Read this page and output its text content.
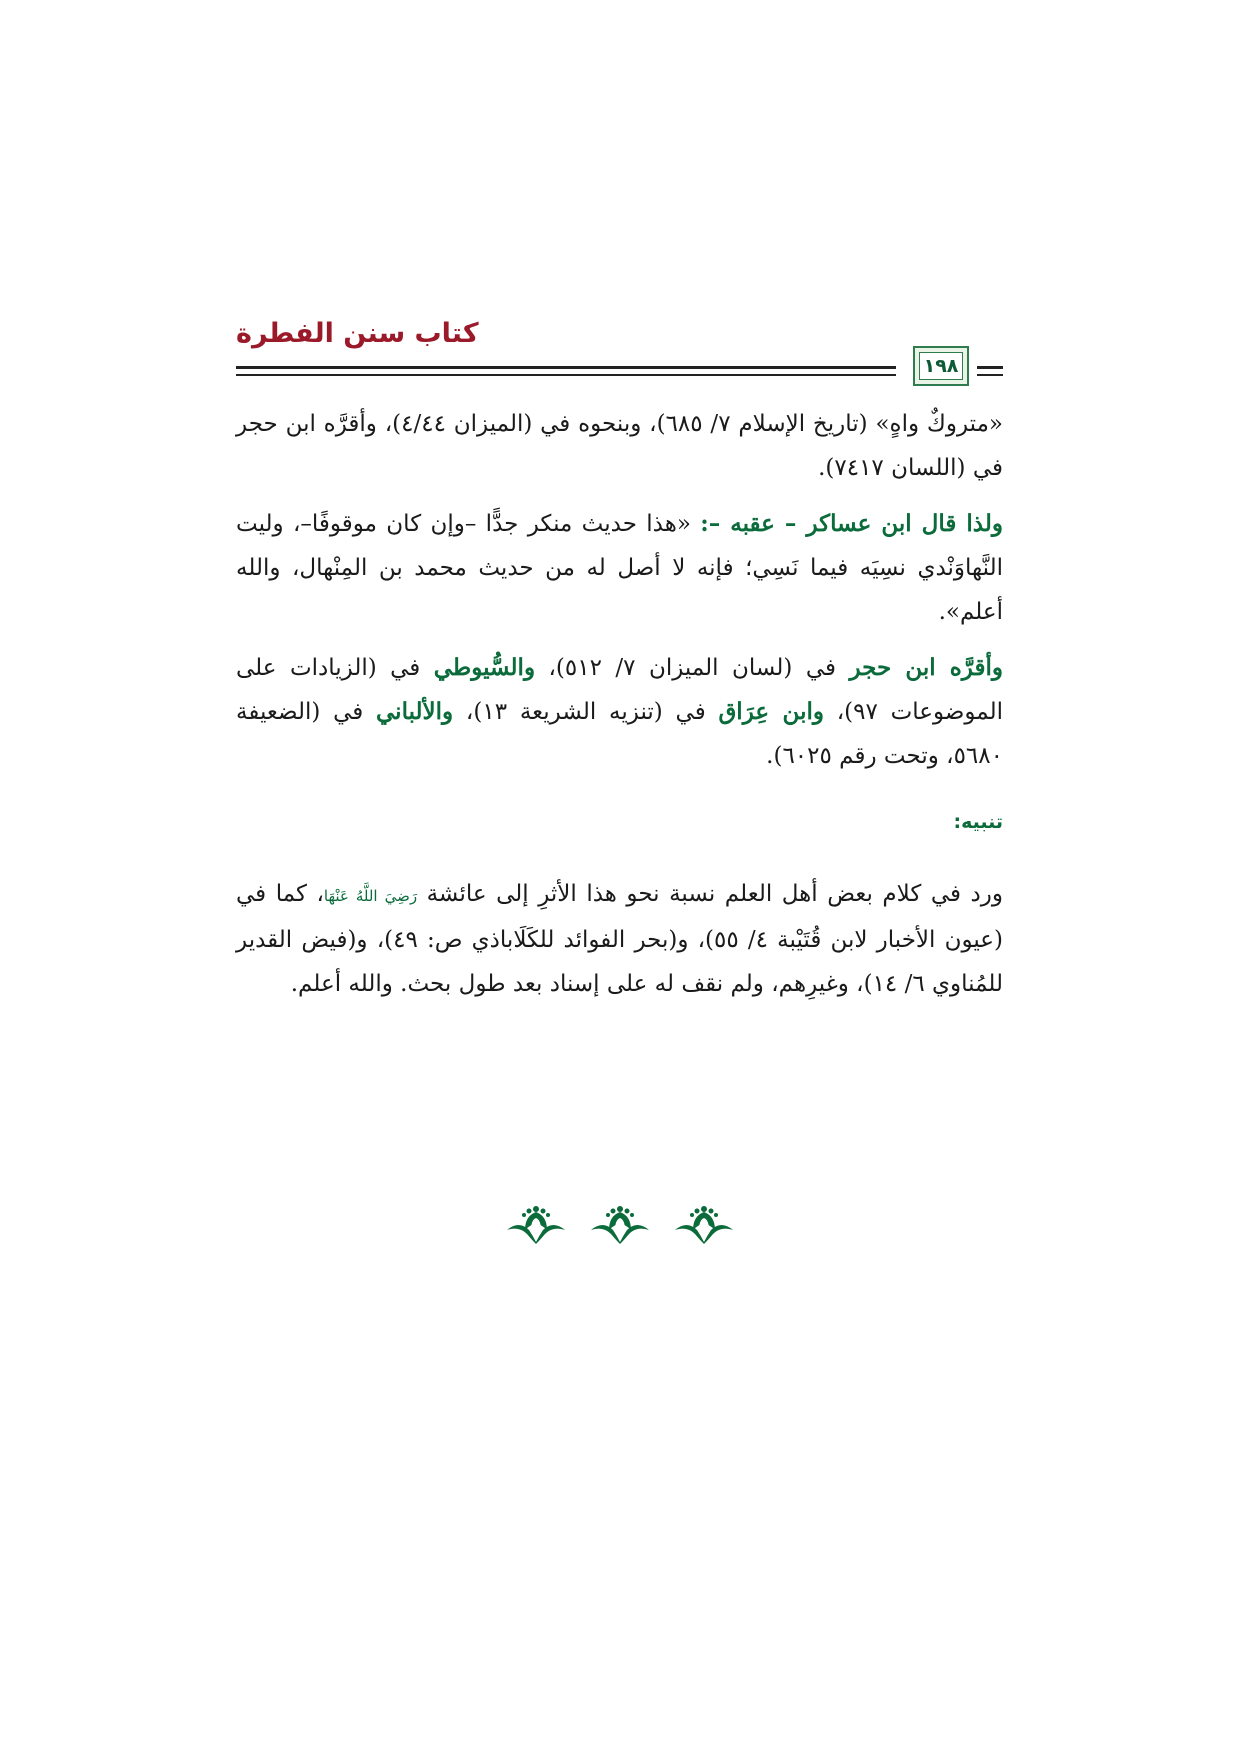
كتاب سنن الفطرة
١٩٨

«متروكٌ واهٍ» (تاريخ الإسلام ٧/ ٦٨٥)، وبنحوه في (الميزان ٤/٤٤)، وأقرَّه ابن حجر في (اللسان ٧٤١٧).

ولذا قال ابن عساكر – عقبه –: «هذا حديث منكر جدًّا –وإن كان موقوفًا–، وليت النَّهاوَنْدي نسِيَه فيما نَسِي؛ فإنه لا أصل له من حديث محمد بن المِنْهال، والله أعلم».

وأقرَّه ابن حجر في (لسان الميزان ٧/ ٥١٢)، والسُّيوطي في (الزيادات على الموضوعات ٩٧)، وابن عِرَاق في (تنزيه الشريعة ١٣)، والألباني في (الضعيفة ٥٦٨٠، وتحت رقم ٦٠٢٥).

تنبيه:

ورد في كلام بعض أهل العلم نسبة نحو هذا الأثرِ إلى عائشة رَضِيَ اللَّهُ عَنْهَا، كما في (عيون الأخبار لابن قُتَيْبة ٤/ ٥٥)، و(بحر الفوائد للكَلَاباذي ص: ٤٩)، و(فيض القدير للمُناوي ٦/ ١٤)، وغيرِهم، ولم نقف له على إسناد بعد طول بحث. والله أعلم.
